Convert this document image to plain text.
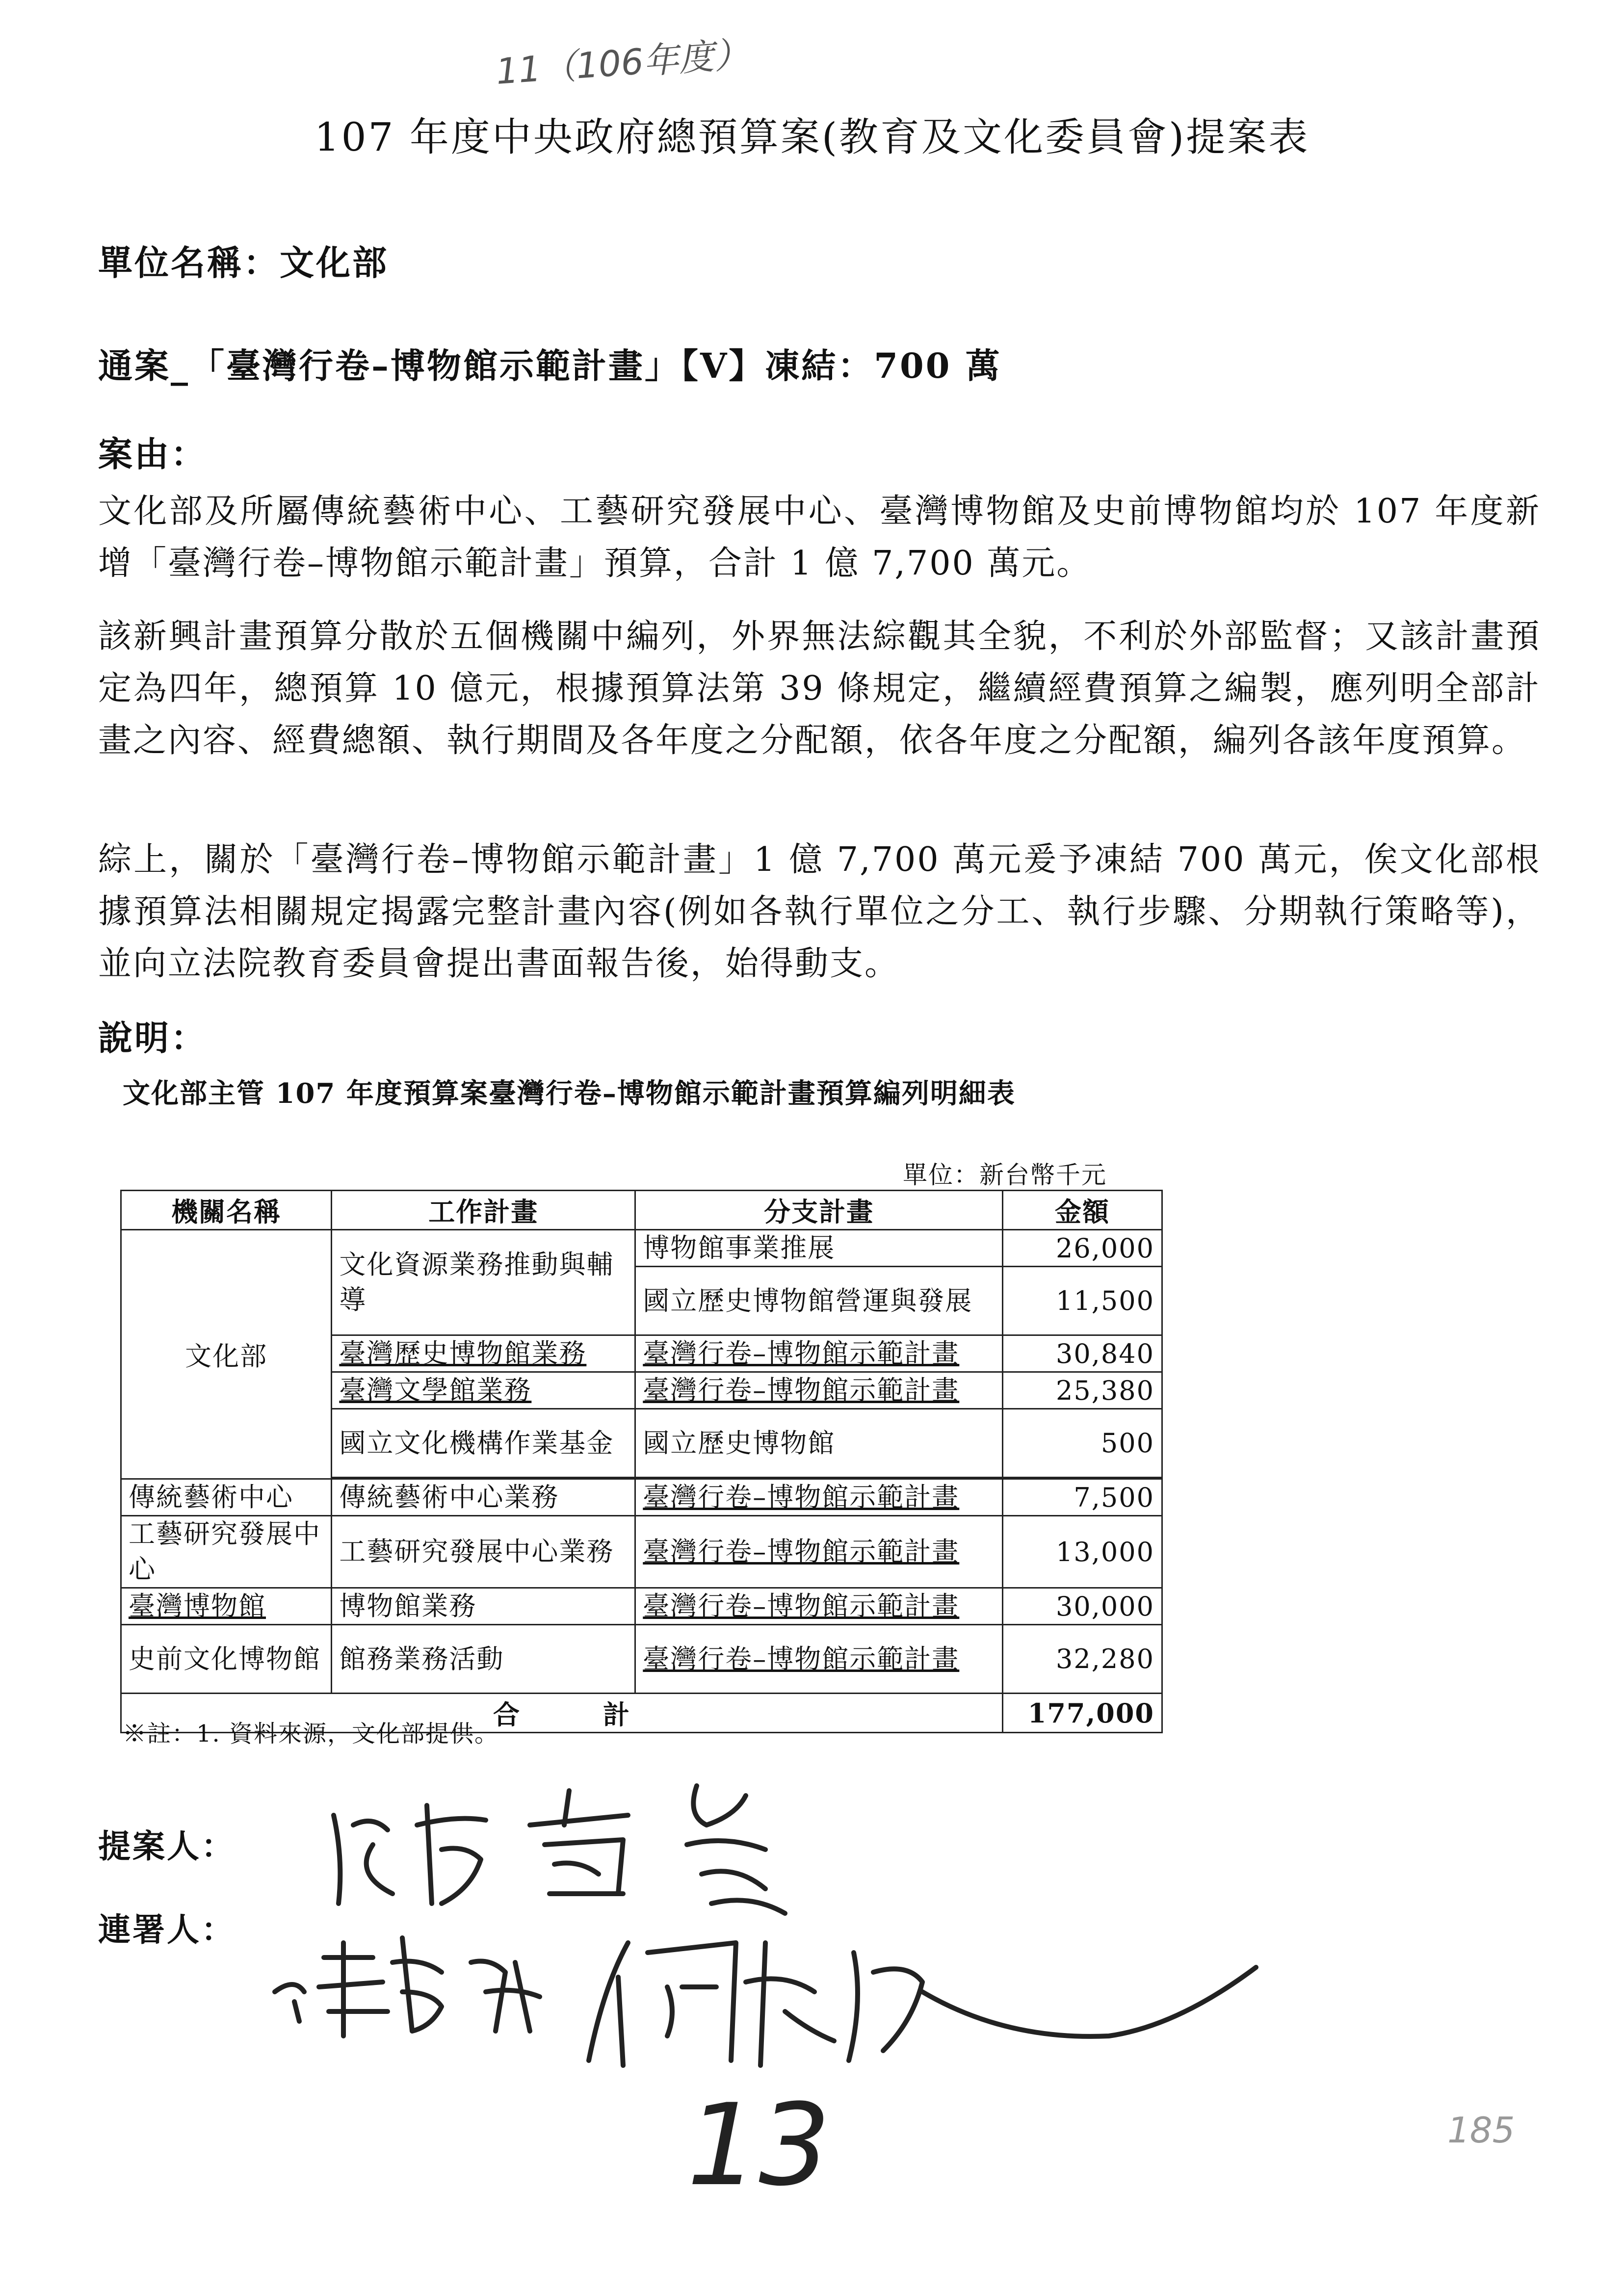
11（106年度）
107 年度中央政府總預算案(教育及文化委員會)提案表
單位名稱：文化部
通案_「臺灣行卷–博物館示範計畫」【V】凍結：700 萬
案由：
文化部及所屬傳統藝術中心、工藝研究發展中心、臺灣博物館及史前博物館均於 107 年度新增「臺灣行卷–博物館示範計畫」預算，合計 1 億 7,700 萬元。
該新興計畫預算分散於五個機關中編列，外界無法綜觀其全貌，不利於外部監督；又該計畫預定為四年，總預算 10 億元，根據預算法第 39 條規定，繼續經費預算之編製，應列明全部計畫之內容、經費總額、執行期間及各年度之分配額，依各年度之分配額，編列各該年度預算。
綜上，關於「臺灣行卷–博物館示範計畫」1 億 7,700 萬元爰予凍結 700 萬元，俟文化部根據預算法相關規定揭露完整計畫內容(例如各執行單位之分工、執行步驟、分期執行策略等)，並向立法院教育委員會提出書面報告後，始得動支。
說明：
文化部主管 107 年度預算案臺灣行卷–博物館示範計畫預算編列明細表
單位：新台幣千元
機關名稱	工作計畫	分支計畫	金額
文化部	文化資源業務推動與輔導	博物館事業推展	26,000
		國立歷史博物館營運與發展	11,500
	臺灣歷史博物館業務	臺灣行卷–博物館示範計畫	30,840
	臺灣文學館業務	臺灣行卷–博物館示範計畫	25,380
	國立文化機構作業基金	國立歷史博物館	500

傳統藝術中心	傳統藝術中心業務	臺灣行卷–博物館示範計畫	7,500
工藝研究發展中心	工藝研究發展中心業務	臺灣行卷–博物館示範計畫	13,000
臺灣博物館	博物館業務	臺灣行卷–博物館示範計畫	30,000
史前文化博物館	館務業務活動	臺灣行卷–博物館示範計畫	32,280
合　　　計			177,000
※註：1. 資料來源，文化部提供。
提案人：
連署人：
13	185
